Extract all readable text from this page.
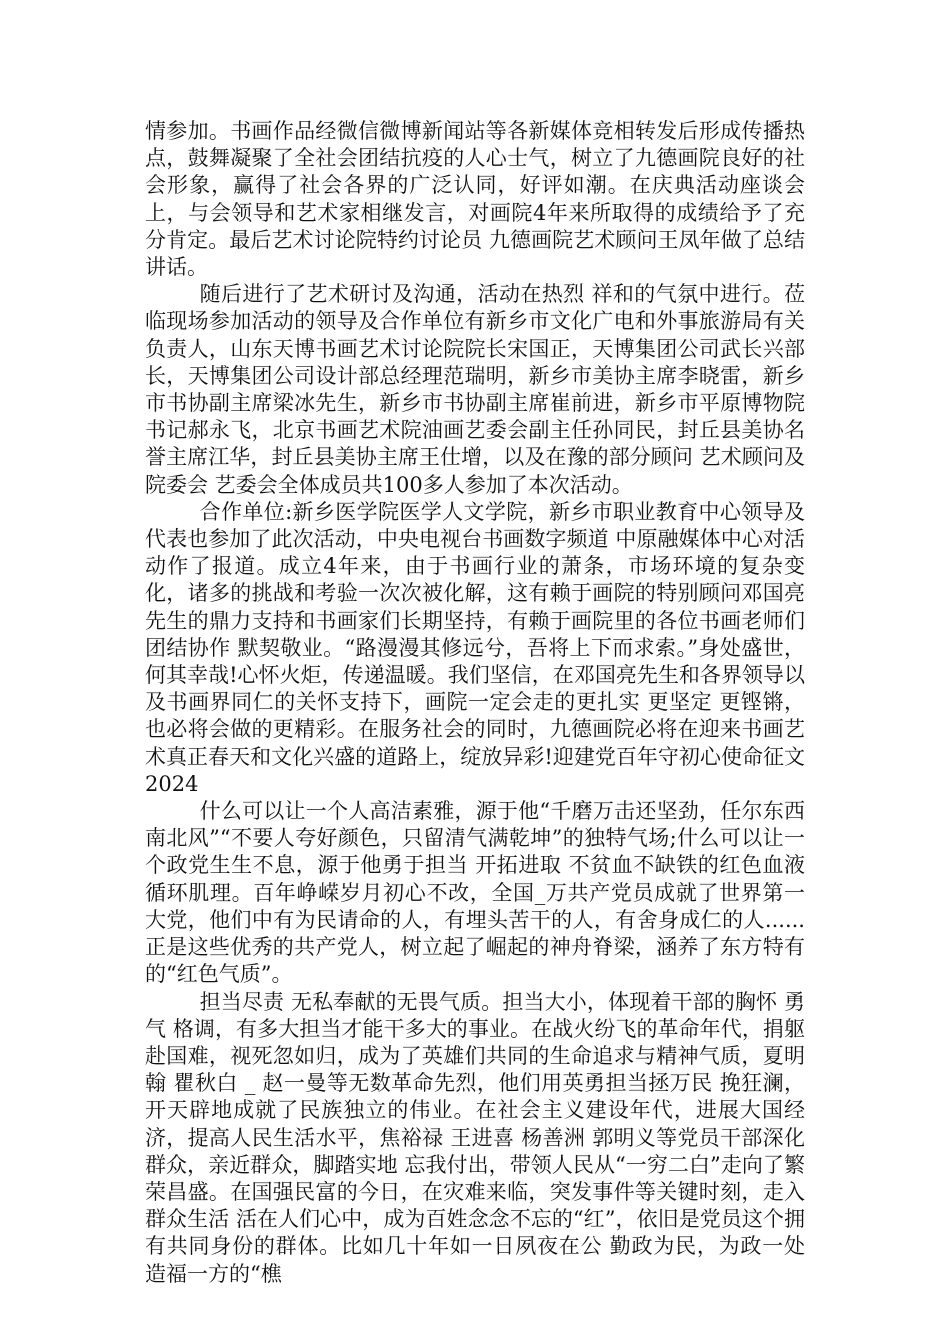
情参加。书画作品经微信微博新闻站等各新媒体竞相转发后形成传播热点，鼓舞凝聚了全社会团结抗疫的人心士气，树立了九德画院良好的社会形象，赢得了社会各界的广泛认同，好评如潮。在庆典活动座谈会上，与会领导和艺术家相继发言，对画院4年来所取得的成绩给予了充分肯定。最后艺术讨论院特约讨论员 九德画院艺术顾问王凤年做了总结讲话。

随后进行了艺术研讨及沟通，活动在热烈 祥和的气氛中进行。莅临现场参加活动的领导及合作单位有新乡市文化广电和外事旅游局有关负责人，山东天博书画艺术讨论院院长宋国正，天博集团公司武长兴部长，天博集团公司设计部总经理范瑞明，新乡市美协主席李晓雷，新乡市书协副主席梁冰先生，新乡市书协副主席崔前进，新乡市平原博物院书记郝永飞，北京书画艺术院油画艺委会副主任孙同民，封丘县美协名誉主席江华，封丘县美协主席王仕增，以及在豫的部分顾问 艺术顾问及院委会 艺委会全体成员共100多人参加了本次活动。

合作单位:新乡医学院医学人文学院，新乡市职业教育中心领导及代表也参加了此次活动，中央电视台书画数字频道 中原融媒体中心对活动作了报道。成立4年来，由于书画行业的萧条，市场环境的复杂变化，诸多的挑战和考验一次次被化解，这有赖于画院的特别顾问邓国亮先生的鼎力支持和书画家们长期坚持，有赖于画院里的各位书画老师们团结协作 默契敬业。“路漫漫其修远兮，吾将上下而求索。”身处盛世，何其幸哉!心怀火炬，传递温暖。我们坚信，在邓国亮先生和各界领导以及书画界同仁的关怀支持下，画院一定会走的更扎实 更坚定 更铿锵，也必将会做的更精彩。在服务社会的同时，九德画院必将在迎来书画艺术真正春天和文化兴盛的道路上，绽放异彩!迎建党百年守初心使命征文2024

什么可以让一个人高洁素雅，源于他“千磨万击还坚劲，任尔东西南北风”“不要人夸好颜色，只留清气满乾坤”的独特气场;什么可以让一个政党生生不息，源于他勇于担当 开拓进取 不贫血不缺铁的红色血液循环肌理。百年峥嵘岁月初心不改，全国_万共产党员成就了世界第一大党，他们中有为民请命的人，有埋头苦干的人，有舍身成仁的人......正是这些优秀的共产党人，树立起了崛起的神舟脊梁，涵养了东方特有的“红色气质”。

担当尽责 无私奉献的无畏气质。担当大小，体现着干部的胸怀 勇气 格调，有多大担当才能干多大的事业。在战火纷飞的革命年代，捐躯赴国难，视死忽如归，成为了英雄们共同的生命追求与精神气质，夏明翰 瞿秋白 _ 赵一曼等无数革命先烈，他们用英勇担当拯万民 挽狂澜，开天辟地成就了民族独立的伟业。在社会主义建设年代，进展大国经济，提高人民生活水平，焦裕禄 王进喜 杨善洲 郭明义等党员干部深化群众，亲近群众，脚踏实地 忘我付出，带领人民从“一穷二白”走向了繁荣昌盛。在国强民富的今日，在灾难来临，突发事件等关键时刻，走入群众生活 活在人们心中，成为百姓念念不忘的“红”，依旧是党员这个拥有共同身份的群体。比如几十年如一日夙夜在公 勤政为民，为政一处 造福一方的“樵
